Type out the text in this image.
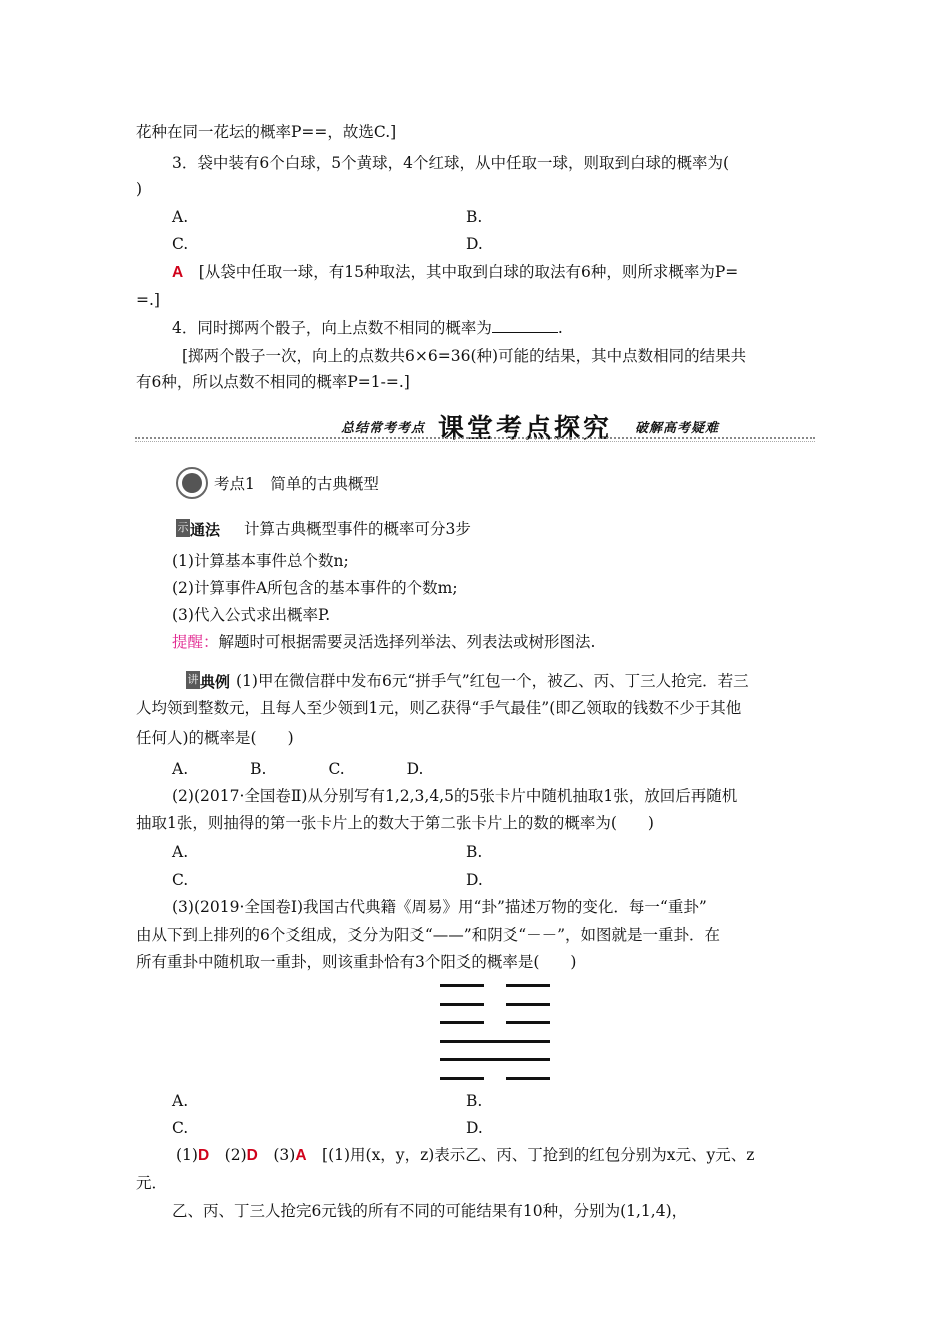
花种在同一花坛的概率P==，故选C.]
3．袋中装有6个白球，5个黄球，4个红球，从中任取一球，则取到白球的概率为(
)
A.	B.
C.	D.
A　 [从袋中任取一球，有15种取法，其中取到白球的取法有6种，则所求概率为P=
=.]
4．同时掷两个骰子，向上点数不相同的概率为	.
[掷两个骰子一次，向上的点数共6×6=36(种)可能的结果，其中点数相同的结果共
有6种，所以点数不相同的概率P=1-=.]
总结常考考点 课堂考点探究 破解高考疑难
考点1　简单的古典概型
示 通法 计算古典概型事件的概率可分3步
(1)计算基本事件总个数n;
(2)计算事件A所包含的基本事件的个数m;
(3)代入公式求出概率P.
提醒：解题时可根据需要灵活选择列举法、列表法或树形图法.
讲 典例 (1)甲在微信群中发布6元“拼手气”红包一个，被乙、丙、丁三人抢完．若三
人均领到整数元，且每人至少领到1元，则乙获得“手气最佳”(即乙领取的钱数不少于其他
任何人)的概率是(　　)
A.　　　　B.　　　　C.　　　　D.
(2)(2017·全国卷Ⅱ)从分别写有1,2,3,4,5的5张卡片中随机抽取1张，放回后再随机
抽取1张，则抽得的第一张卡片上的数大于第二张卡片上的数的概率为(　　)
A.	B.
C.	D.
(3)(2019·全国卷Ⅰ)我国古代典籍《周易》用“卦”描述万物的变化．每一“重卦”
由从下到上排列的6个爻组成，爻分为阳爻“——”和阴爻“－－”，如图就是一重卦．在
所有重卦中随机取一重卦，则该重卦恰有3个阳爻的概率是(　　)
A.	B.
C.	D.
(1)D　(2)D　(3)A　[(1)用(x，y，z)表示乙、丙、丁抢到的红包分别为x元、y元、z
元．
乙、丙、丁三人抢完6元钱的所有不同的可能结果有10种，分别为(1,1,4)，
